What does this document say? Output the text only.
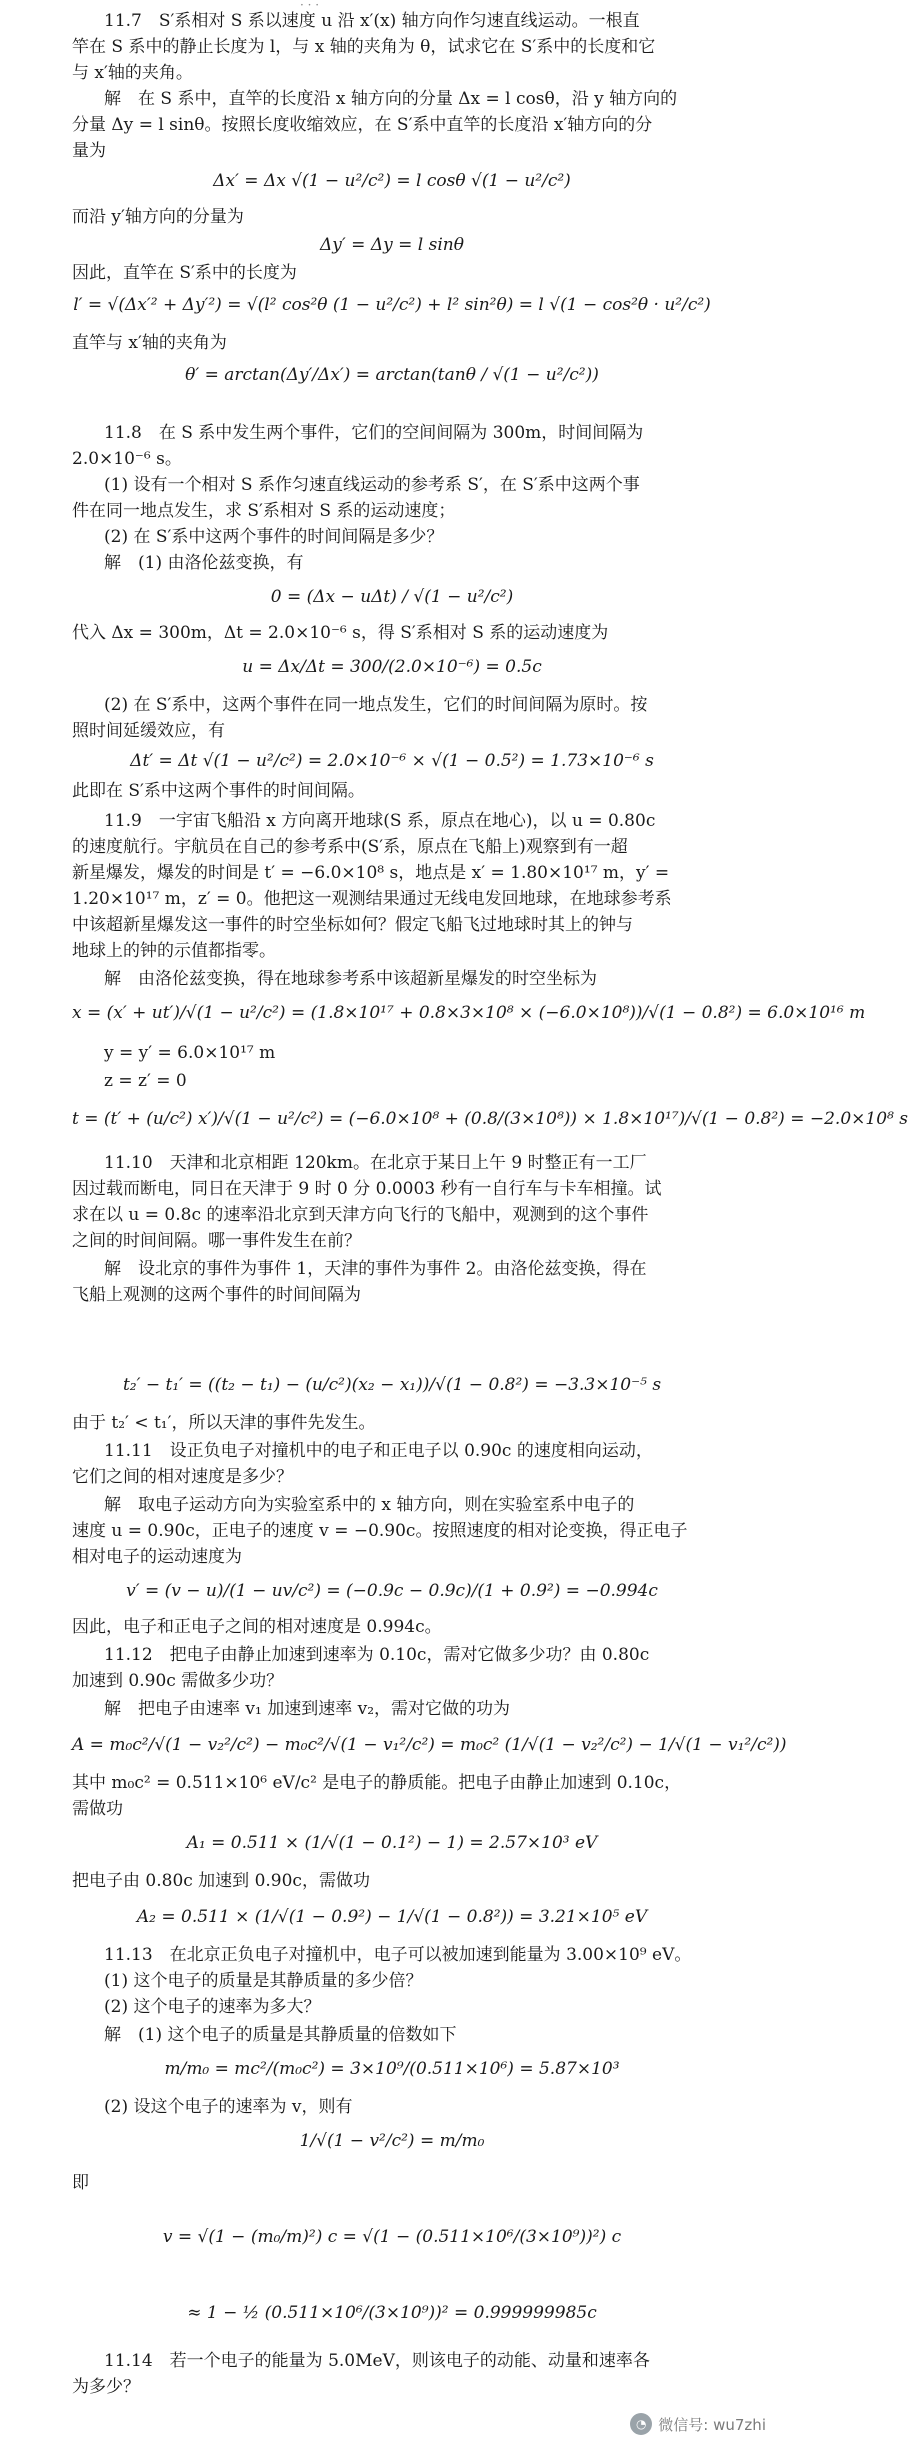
· · ·
11.7　S′系相对 S 系以速度 u 沿 x′(x) 轴方向作匀速直线运动。一根直
竿在 S 系中的静止长度为 l，与 x 轴的夹角为 θ，试求它在 S′系中的长度和它
与 x′轴的夹角。
解　在 S 系中，直竿的长度沿 x 轴方向的分量 Δx = l cosθ，沿 y 轴方向的
分量 Δy = l sinθ。按照长度收缩效应，在 S′系中直竿的长度沿 x′轴方向的分
量为
Δx′ = Δx √(1 − u²/c²) = l cosθ √(1 − u²/c²)
而沿 y′轴方向的分量为
Δy′ = Δy = l sinθ
因此，直竿在 S′系中的长度为
l′ = √(Δx′² + Δy′²) = √(l² cos²θ (1 − u²/c²) + l² sin²θ) = l √(1 − cos²θ · u²/c²)
直竿与 x′轴的夹角为
θ′ = arctan(Δy′/Δx′) = arctan(tanθ / √(1 − u²/c²))
11.8　在 S 系中发生两个事件，它们的空间间隔为 300m，时间间隔为
2.0×10⁻⁶ s。
(1) 设有一个相对 S 系作匀速直线运动的参考系 S′，在 S′系中这两个事
件在同一地点发生，求 S′系相对 S 系的运动速度；
(2) 在 S′系中这两个事件的时间间隔是多少？
解　(1) 由洛伦兹变换，有
0 = (Δx − uΔt) / √(1 − u²/c²)
代入 Δx = 300m，Δt = 2.0×10⁻⁶ s，得 S′系相对 S 系的运动速度为
u = Δx/Δt = 300/(2.0×10⁻⁶) = 0.5c
(2) 在 S′系中，这两个事件在同一地点发生，它们的时间间隔为原时。按
照时间延缓效应，有
Δt′ = Δt √(1 − u²/c²) = 2.0×10⁻⁶ × √(1 − 0.5²) = 1.73×10⁻⁶ s
此即在 S′系中这两个事件的时间间隔。
11.9　一宇宙飞船沿 x 方向离开地球(S 系，原点在地心)，以 u = 0.80c
的速度航行。宇航员在自己的参考系中(S′系，原点在飞船上)观察到有一超
新星爆发，爆发的时间是 t′ = −6.0×10⁸ s，地点是 x′ = 1.80×10¹⁷ m，y′ =
1.20×10¹⁷ m，z′ = 0。他把这一观测结果通过无线电发回地球，在地球参考系
中该超新星爆发这一事件的时空坐标如何？假定飞船飞过地球时其上的钟与
地球上的钟的示值都指零。
解　由洛伦兹变换，得在地球参考系中该超新星爆发的时空坐标为
x = (x′ + ut′)/√(1 − u²/c²) = (1.8×10¹⁷ + 0.8×3×10⁸ × (−6.0×10⁸))/√(1 − 0.8²) = 6.0×10¹⁶ m
y = y′ = 6.0×10¹⁷ m
z = z′ = 0
t = (t′ + (u/c²) x′)/√(1 − u²/c²) = (−6.0×10⁸ + (0.8/(3×10⁸)) × 1.8×10¹⁷)/√(1 − 0.8²) = −2.0×10⁸ s
11.10　天津和北京相距 120km。在北京于某日上午 9 时整正有一工厂
因过载而断电，同日在天津于 9 时 0 分 0.0003 秒有一自行车与卡车相撞。试
求在以 u = 0.8c 的速率沿北京到天津方向飞行的飞船中，观测到的这个事件
之间的时间间隔。哪一事件发生在前？
解　设北京的事件为事件 1，天津的事件为事件 2。由洛伦兹变换，得在
飞船上观测的这两个事件的时间间隔为
t₂′ − t₁′ = ((t₂ − t₁) − (u/c²)(x₂ − x₁))/√(1 − 0.8²) = −3.3×10⁻⁵ s
由于 t₂′ < t₁′，所以天津的事件先发生。
11.11　设正负电子对撞机中的电子和正电子以 0.90c 的速度相向运动，
它们之间的相对速度是多少？
解　取电子运动方向为实验室系中的 x 轴方向，则在实验室系中电子的
速度 u = 0.90c，正电子的速度 v = −0.90c。按照速度的相对论变换，得正电子
相对电子的运动速度为
v′ = (v − u)/(1 − uv/c²) = (−0.9c − 0.9c)/(1 + 0.9²) = −0.994c
因此，电子和正电子之间的相对速度是 0.994c。
11.12　把电子由静止加速到速率为 0.10c，需对它做多少功？由 0.80c
加速到 0.90c 需做多少功？
解　把电子由速率 v₁ 加速到速率 v₂，需对它做的功为
A = m₀c²/√(1 − v₂²/c²) − m₀c²/√(1 − v₁²/c²) = m₀c² (1/√(1 − v₂²/c²) − 1/√(1 − v₁²/c²))
其中 m₀c² = 0.511×10⁶ eV/c² 是电子的静质能。把电子由静止加速到 0.10c，
需做功
A₁ = 0.511 × (1/√(1 − 0.1²) − 1) = 2.57×10³ eV
把电子由 0.80c 加速到 0.90c，需做功
A₂ = 0.511 × (1/√(1 − 0.9²) − 1/√(1 − 0.8²)) = 3.21×10⁵ eV
11.13　在北京正负电子对撞机中，电子可以被加速到能量为 3.00×10⁹ eV。
(1) 这个电子的质量是其静质量的多少倍？
(2) 这个电子的速率为多大？
解　(1) 这个电子的质量是其静质量的倍数如下
m/m₀ = mc²/(m₀c²) = 3×10⁹/(0.511×10⁶) = 5.87×10³
(2) 设这个电子的速率为 v，则有
1/√(1 − v²/c²) = m/m₀
即
v = √(1 − (m₀/m)²) c = √(1 − (0.511×10⁶/(3×10⁹))²) c
≈ 1 − ½ (0.511×10⁶/(3×10⁹))² = 0.999999985c
11.14　若一个电子的能量为 5.0MeV，则该电子的动能、动量和速率各
为多少？
◔ 微信号: wu7zhi
